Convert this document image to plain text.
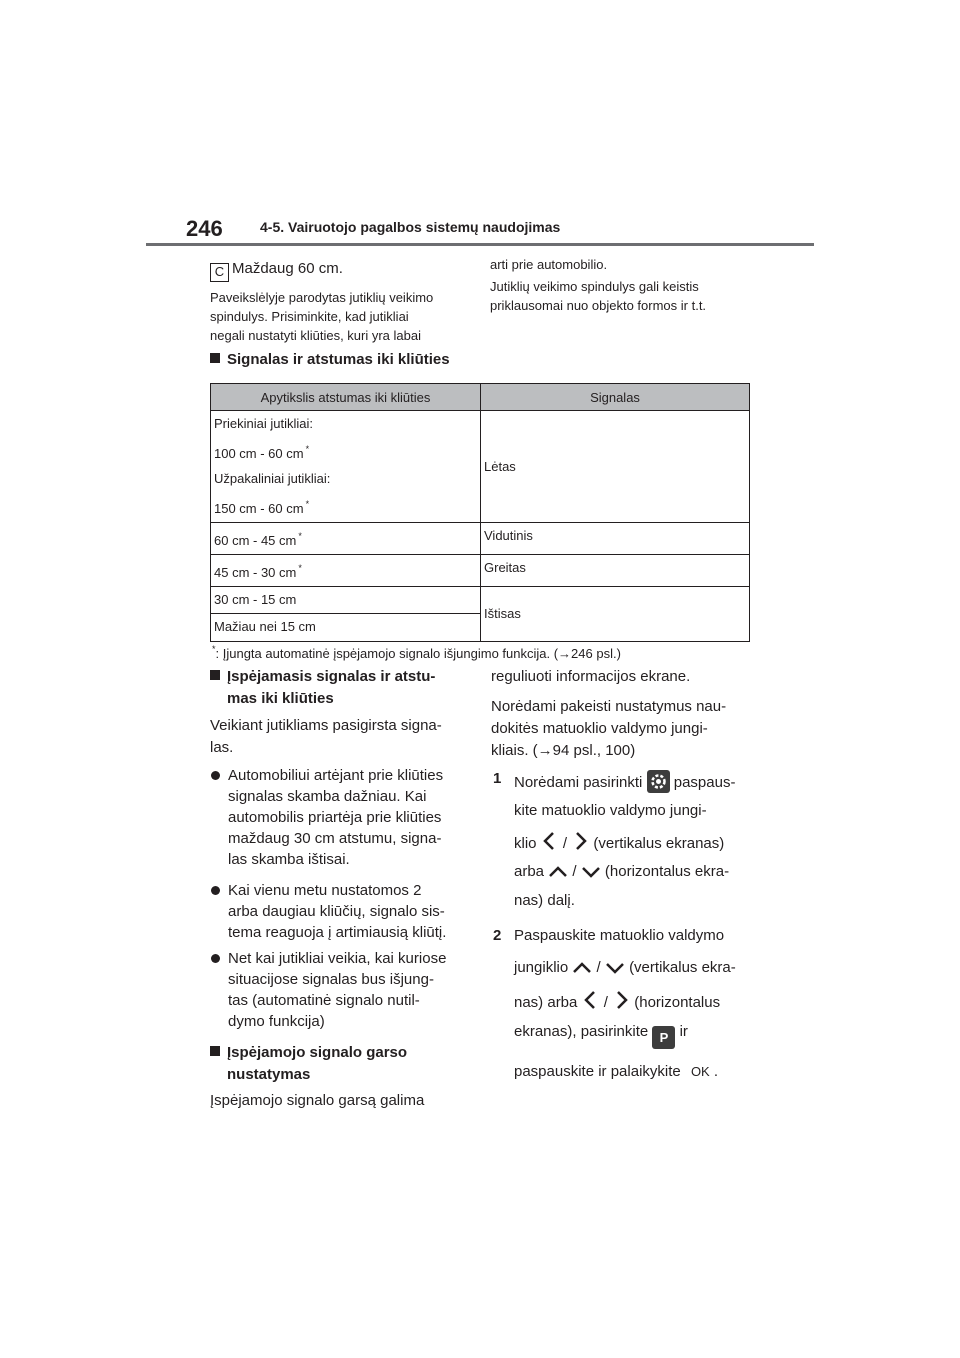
246	4-5. Vairuotojo pagalbos sistemų naudojimas
C Maždaug 60 cm.
Paveikslėlyje parodytas jutiklių veikimo
spindulys. Prisiminkite, kad jutikliai
negali nustatyti kliūties, kuri yra labai
arti prie automobilio.
Jutiklių veikimo spindulys gali keistis
priklausomai nuo objekto formos ir t.t.
Signalas ir atstumas iki kliūties
Apytikslis atstumas iki kliūties	Signalas

Priekiniai jutikliai:
100 cm - 60 cm *
Užpakaliniai jutikliai:
150 cm - 60 cm *	Lėtas
60 cm - 45 cm *	Vidutinis
45 cm - 30 cm *	Greitas
30 cm - 15 cm	Ištisas
Mažiau nei 15 cm	
*: Įjungta automatinė įspėjamojo signalo išjungimo funkcija. (→246 psl.)
Įspėjamasis signalas ir atstu-
mas iki kliūties
Veikiant jutikliams pasigirsta signa-
las.
Automobiliui artėjant prie kliūties
signalas skamba dažniau. Kai
automobilis priartėja prie kliūties
maždaug 30 cm atstumu, signa-
las skamba ištisai.
Kai vienu metu nustatomos 2
arba daugiau kliūčių, signalo sis-
tema reaguoja į artimiausią kliūtį.
Net kai jutikliai veikia, kai kuriose
situacijose signalas bus išjung-
tas (automatinė signalo nutil-
dymo funkcija)
Įspėjamojo signalo garso
nustatymas
Įspėjamojo signalo garsą galima
reguliuoti informacijos ekrane.
Norėdami pakeisti nustatymus nau-
dokitės matuoklio valdymo jungi-
kliais. (→94 psl., 100)
1 Norėdami pasirinkti paspaus-
kite matuoklio valdymo jungi-
klio / (vertikalus ekranas)
arba / (horizontalus ekra-
nas) dalį.
2 Paspauskite matuoklio valdymo
jungiklio / (vertikalus ekra-
nas) arba / (horizontalus
ekranas), pasirinkite P ir
paspauskite ir palaikykite OK .
